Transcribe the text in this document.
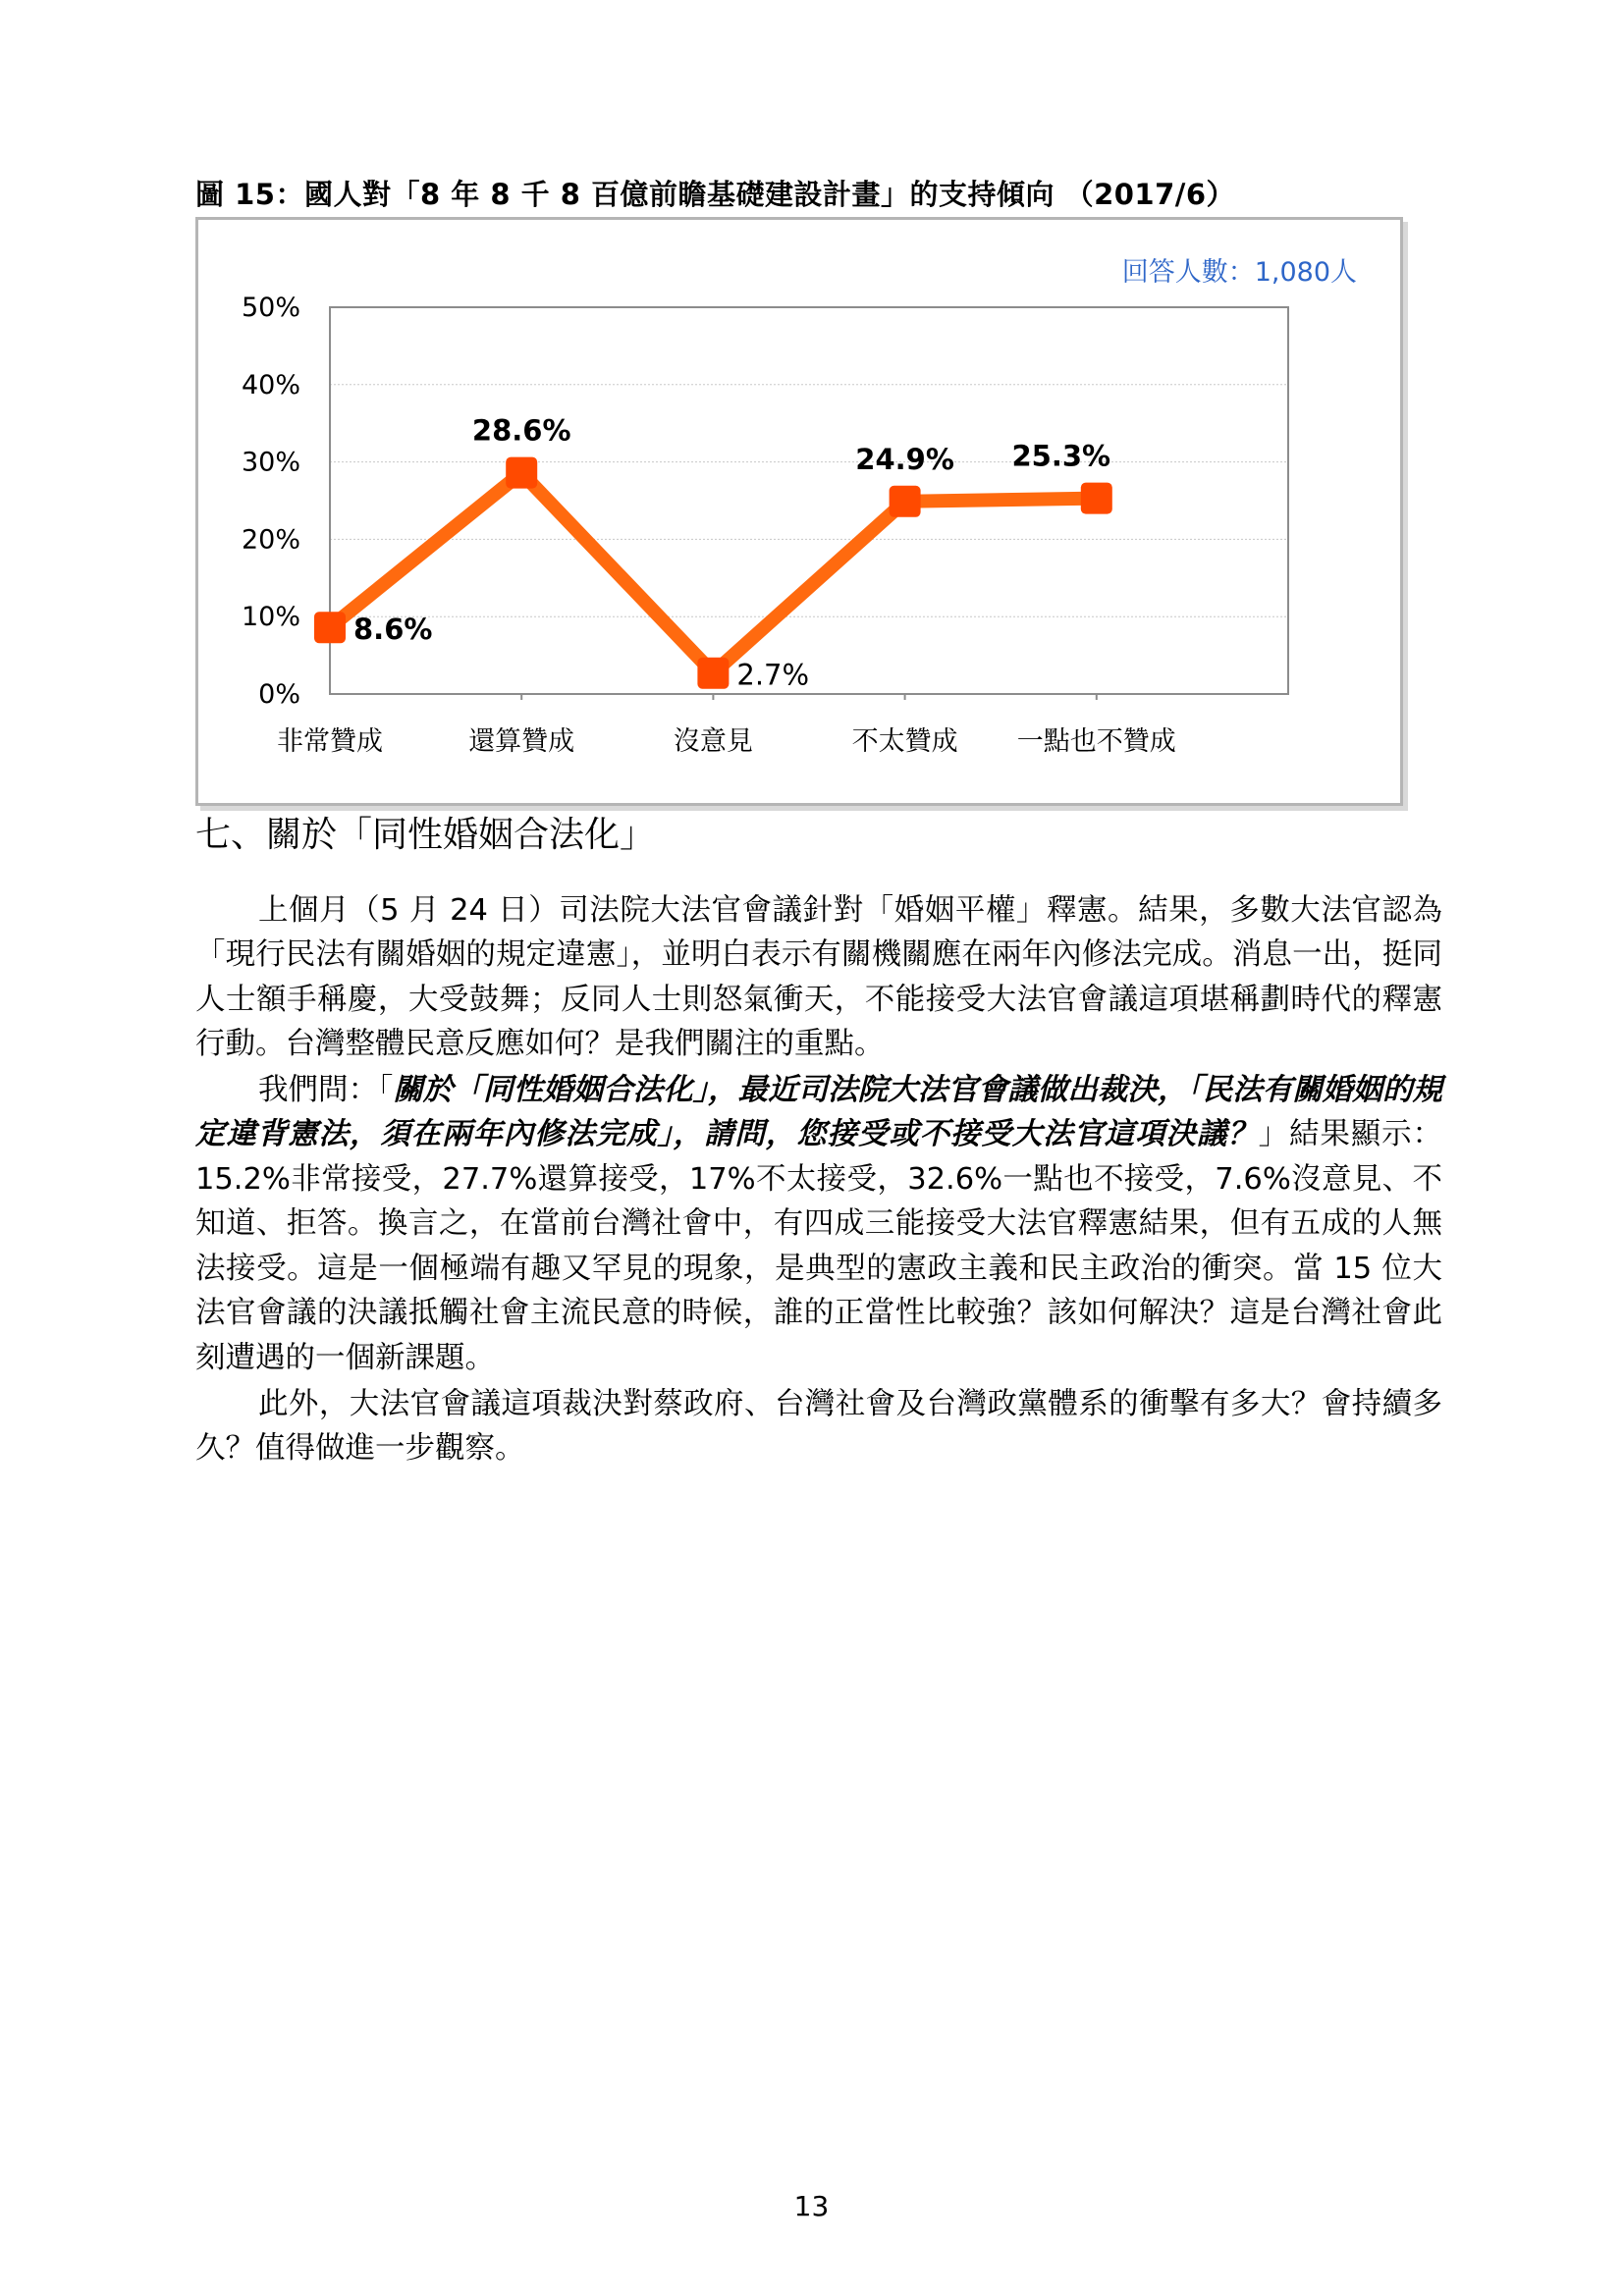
圖 15：國人對「8 年 8 千 8 百億前瞻基礎建設計畫」的支持傾向 （2017/6）
回答人數：1,080人
0%
10%
20%
30%
40%
50%
非常贊成	還算贊成	沒意見	不太贊成 一點也不贊成
8.6%
28.6%
2.7%
24.9% 25.3%
七、關於「同性婚姻合法化」

上個月（5 月 24 日）司法院大法官會議針對「婚姻平權」釋憲。結果，多數大法官認為「現行民法有關婚姻的規定違憲」，並明白表示有關機關應在兩年內修法完成。消息一出，挺同人士額手稱慶，大受鼓舞；反同人士則怒氣衝天，不能接受大法官會議這項堪稱劃時代的釋憲行動。台灣整體民意反應如何？是我們關注的重點。

我們問：「關於「同性婚姻合法化」，最近司法院大法官會議做出裁決，「民法有關婚姻的規定違背憲法，須在兩年內修法完成」，請問，您接受或不接受大法官這項決議？」結果顯示：15.2%非常接受，27.7%還算接受，17%不太接受，32.6%一點也不接受，7.6%沒意見、不知道、拒答。換言之，在當前台灣社會中，有四成三能接受大法官釋憲結果，但有五成的人無法接受。這是一個極端有趣又罕見的現象，是典型的憲政主義和民主政治的衝突。當 15 位大法官會議的決議抵觸社會主流民意的時候，誰的正當性比較強？該如何解決？這是台灣社會此刻遭遇的一個新課題。

此外，大法官會議這項裁決對蔡政府、台灣社會及台灣政黨體系的衝擊有多大？會持續多久？值得做進一步觀察。

13
